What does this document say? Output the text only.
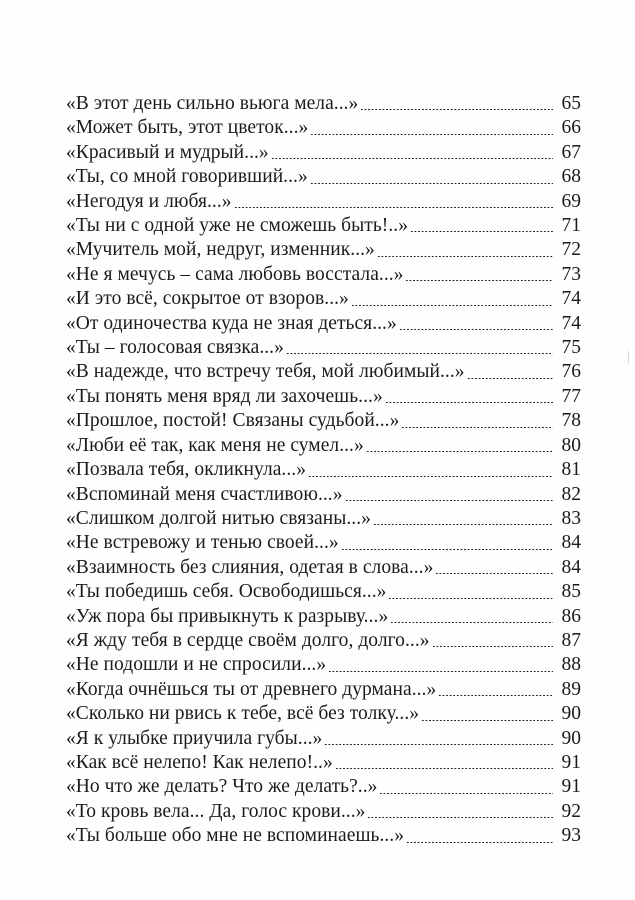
«В этот день сильно вьюга мела...»	65
«Может быть, этот цветок...»	66
«Красивый и мудрый...»	67
«Ты, со мной говоривший...»	68
«Негодуя и любя...»	69
«Ты ни с одной уже не сможешь быть!..»	71
«Мучитель мой, недруг, изменник...»	72
«Не я мечусь – сама любовь восстала...»	73
«И это всё, сокрытое от взоров...»	74
«От одиночества куда не зная деться...»	74
«Ты – голосовая связка...»	75
«В надежде, что встречу тебя, мой любимый...»	76
«Ты понять меня вряд ли захочешь...»	77
«Прошлое, постой! Связаны судьбой...»	78
«Люби её так, как меня не сумел...»	80
«Позвала тебя, окликнула...»	81
«Вспоминай меня счастливою...»	82
«Слишком долгой нитью связаны...»	83
«Не встревожу и тенью своей...»	84
«Взаимность без слияния, одетая в слова...»	84
«Ты победишь себя. Освободишься...»	85
«Уж пора бы привыкнуть к разрыву...»	86
«Я жду тебя в сердце своём долго, долго...»	87
«Не подошли и не спросили...»	88
«Когда очнёшься ты от древнего дурмана...»	89
«Сколько ни рвись к тебе, всё без толку...»	90
«Я к улыбке приучила губы...»	90
«Как всё нелепо! Как нелепо!..»	91
«Но что же делать? Что же делать?..»	91
«То кровь вела... Да, голос крови...»	92
«Ты больше обо мне не вспоминаешь...»	93
